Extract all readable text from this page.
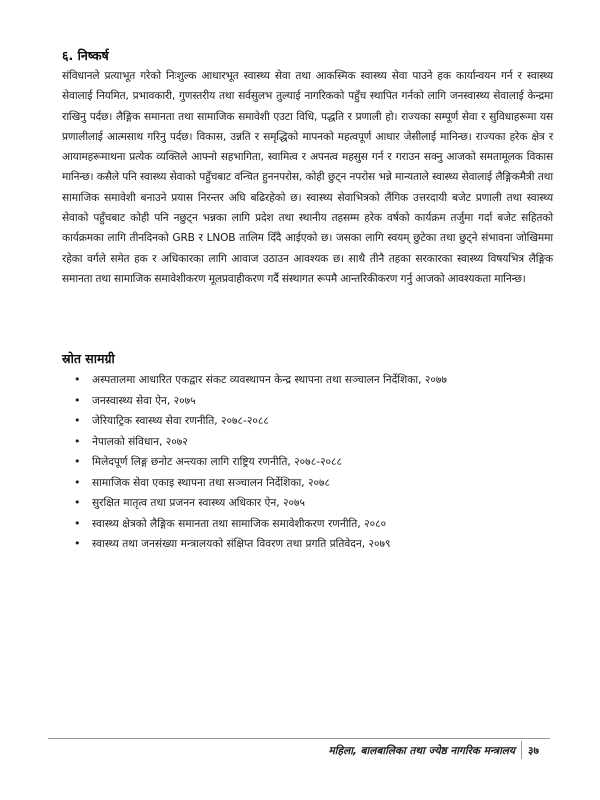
६. निष्कर्ष

संविधानले प्रत्याभूत गरेको निःशुल्क आधारभूत स्वास्थ्य सेवा तथा आकस्मिक स्वास्थ्य सेवा पाउने हक कार्यान्वयन गर्न र स्वास्थ्य सेवालाई नियमित, प्रभावकारी, गुणस्तरीय तथा सर्वसुलभ तुल्याई नागरिकको पहुँच स्थापित गर्नको लागि जनस्वास्थ्य सेवालाई केन्द्रमा राखिनु पर्दछ। लैङ्गिक समानता तथा सामाजिक समावेशी एउटा विधि, पद्धति र प्रणाली हो। राज्यका सम्पूर्ण सेवा र सुविधाहरूमा यस प्रणालीलाई आत्मसाथ गरिनु पर्दछ। विकास, उन्नति र समृद्धिको मापनको महत्वपूर्ण आधार जेसीलाई मानिन्छ। राज्यका हरेक क्षेत्र र आयामहरूमाथना प्रत्येक व्यक्तिले आफ्नो सहभागिता, स्वामित्व र अपनत्व महसुस गर्न र गराउन सक्नु आजको समतामूलक विकास मानिन्छ। कसैले पनि स्वास्थ्य सेवाको पहुँचबाट वन्चित हुननपरोस, कोही छुट्न नपरोस भन्ने मान्यताले स्वास्थ्य सेवालाई लैङ्गिकमैत्री तथा सामाजिक समावेशी बनाउने प्रयास निरन्तर अघि बढिरहेको छ। स्वास्थ्य सेवाभित्रको लैंगिक उत्तरदायी बजेट प्रणाली तथा स्वास्थ्य सेवाको पहुँचबाट कोही पनि नछुट्न भन्नका लागि प्रदेश तथा स्थानीय तहसम्म हरेक वर्षको कार्यक्रम तर्जुमा गर्दा बजेट सहितको कार्यक्रमका लागि तीनदिनको GRB र LNOB तालिम दिँदै आईएको छ। जसका लागि स्वयम् छुटेका तथा छुट्ने संभावना जोखिममा रहेका वर्गले समेत हक र अधिकारका लागि आवाज उठाउन आवश्यक छ। साथै तीनै तहका सरकारका स्वास्थ्य विषयभित्र लैङ्गिक समानता तथा सामाजिक समावेशीकरण मूलप्रवाहीकरण गर्दै संस्थागत रूपमै आन्तरिकीकरण गर्नु आजको आवश्यकता मानिन्छ।

स्रोत सामग्री
• अस्पतालमा आधारित एकद्वार संकट व्यवस्थापन केन्द्र स्थापना तथा सञ्चालन निर्देशिका, २०७७
• जनस्वास्थ्य सेवा ऐन, २०७५
• जेरियाट्रिक स्वास्थ्य सेवा रणनीति, २०७८-२०८८
• नेपालको संविधान, २०७२
• मिलेदपूर्ण लिङ्ग छनोट अन्त्यका लागि राष्ट्रिय रणनीति, २०७८-२०८८
• सामाजिक सेवा एकाइ स्थापना तथा सञ्चालन निर्देशिका, २०७८
• सुरक्षित मातृत्व तथा प्रजनन स्वास्थ्य अधिकार ऐन, २०७५
• स्वास्थ्य क्षेत्रको लैङ्गिक समानता तथा सामाजिक समावेशीकरण रणनीति, २०८०
• स्वास्थ्य तथा जनसंख्या मन्त्रालयको संक्षिप्त विवरण तथा प्रगति प्रतिवेदन, २०७९
महिला, बालबालिका तथा ज्येष्ठ नागरिक मन्त्रालय ३७
